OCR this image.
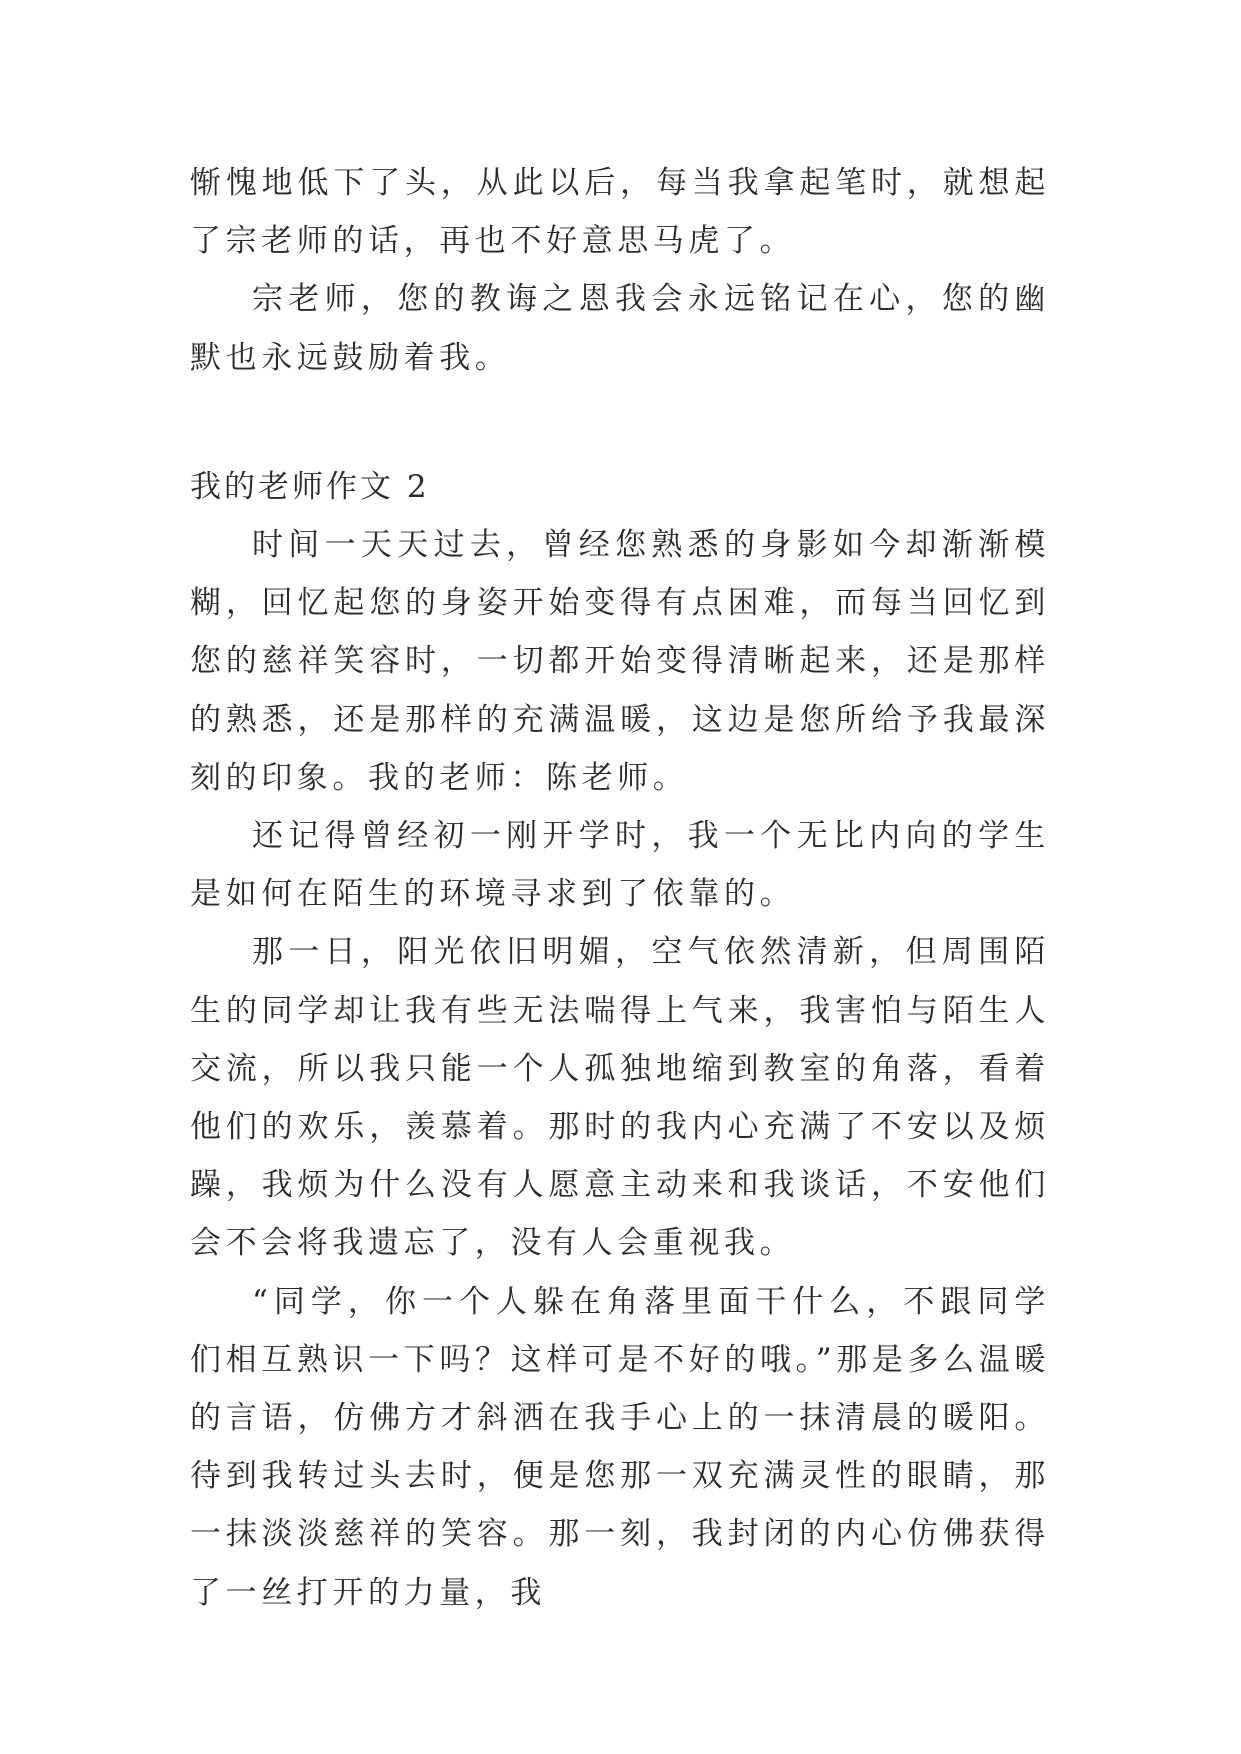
惭愧地低下了头，从此以后，每当我拿起笔时，就想起了宗老师的话，再也不好意思马虎了。

宗老师，您的教诲之恩我会永远铭记在心，您的幽默也永远鼓励着我。

我的老师作文 2

时间一天天过去，曾经您熟悉的身影如今却渐渐模糊，回忆起您的身姿开始变得有点困难，而每当回忆到您的慈祥笑容时，一切都开始变得清晰起来，还是那样的熟悉，还是那样的充满温暖，这边是您所给予我最深刻的印象。我的老师：陈老师。

还记得曾经初一刚开学时，我一个无比内向的学生是如何在陌生的环境寻求到了依靠的。

那一日，阳光依旧明媚，空气依然清新，但周围陌生的同学却让我有些无法喘得上气来，我害怕与陌生人交流，所以我只能一个人孤独地缩到教室的角落，看着他们的欢乐，羡慕着。那时的我内心充满了不安以及烦躁，我烦为什么没有人愿意主动来和我谈话，不安他们会不会将我遗忘了，没有人会重视我。

“同学，你一个人躲在角落里面干什么，不跟同学们相互熟识一下吗？这样可是不好的哦。”那是多么温暖的言语，仿佛方才斜洒在我手心上的一抹清晨的暖阳。待到我转过头去时，便是您那一双充满灵性的眼睛，那一抹淡淡慈祥的笑容。那一刻，我封闭的内心仿佛获得了一丝打开的力量，我
